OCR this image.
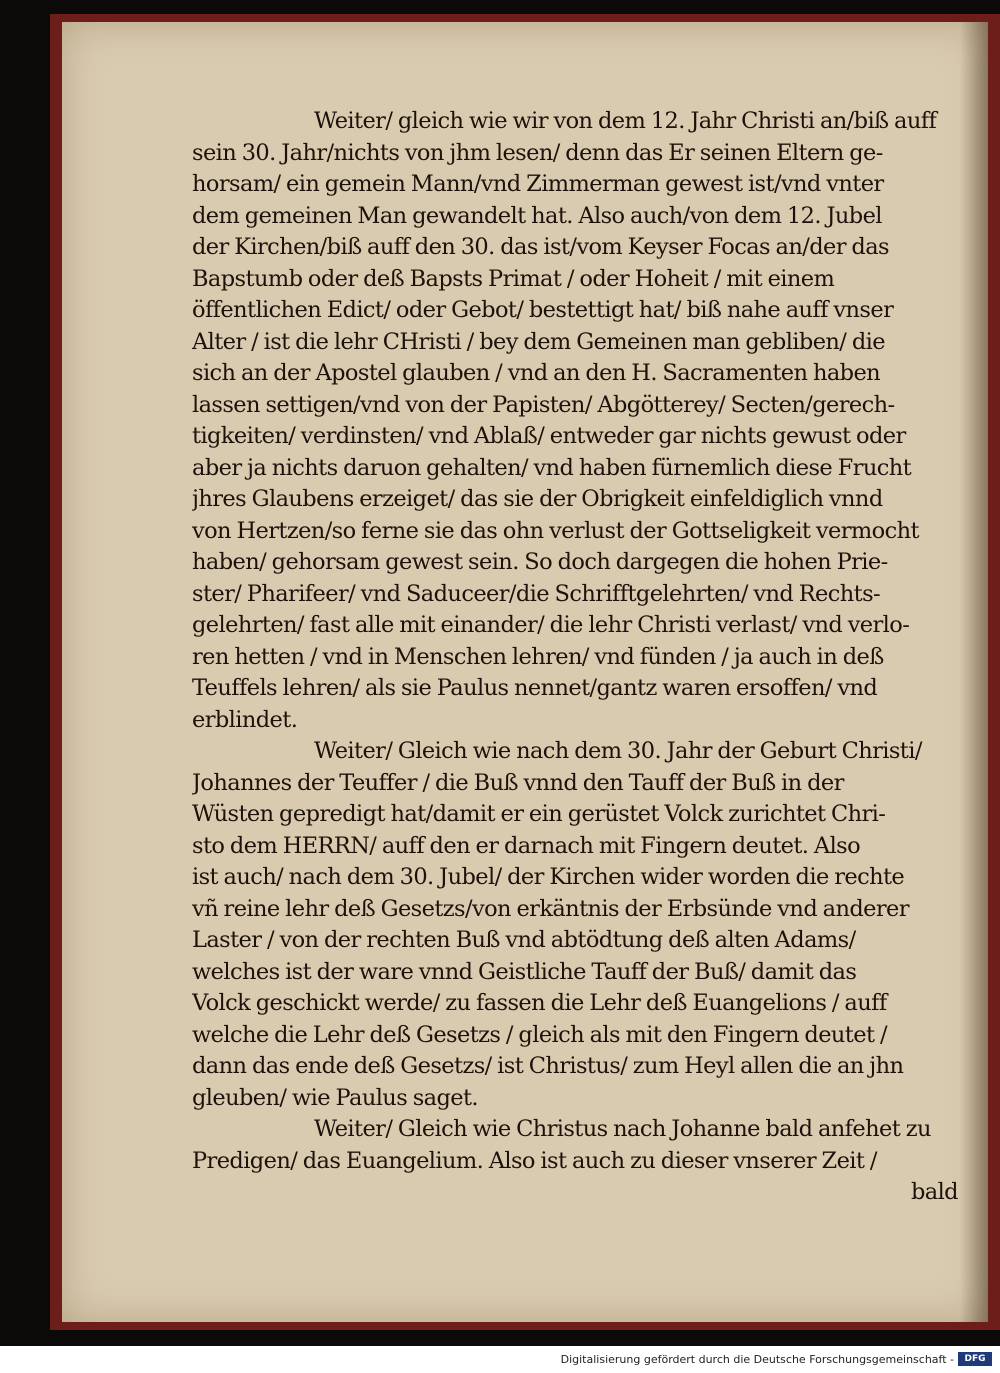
Weiter/ gleich wie wir von dem 12. Jahr Christi an/biß auff
sein 30. Jahr/nichts von jhm lesen/ denn das Er seinen Eltern ge-
horsam/ ein gemein Mann/vnd Zimmerman gewest ist/vnd vnter
dem gemeinen Man gewandelt hat. Also auch/von dem 12. Jubel
der Kirchen/biß auff den 30. das ist/vom Keyser Focas an/der das
Bapstumb oder deß Bapsts Primat / oder Hoheit / mit einem
öffentlichen Edict/ oder Gebot/ bestettigt hat/ biß nahe auff vnser
Alter / ist die lehr CHristi / bey dem Gemeinen man gebliben/ die
sich an der Apostel glauben / vnd an den H. Sacramenten haben
lassen settigen/vnd von der Papisten/ Abgötterey/ Secten/gerech-
tigkeiten/ verdinsten/ vnd Ablaß/ entweder gar nichts gewust oder
aber ja nichts daruon gehalten/ vnd haben fürnemlich diese Frucht
jhres Glaubens erzeiget/ das sie der Obrigkeit einfeldiglich vnnd
von Hertzen/so ferne sie das ohn verlust der Gottseligkeit vermocht
haben/ gehorsam gewest sein. So doch dargegen die hohen Prie-
ster/ Pharifeer/ vnd Saduceer/die Schrifftgelehrten/ vnd Rechts-
gelehrten/ fast alle mit einander/ die lehr Christi verlast/ vnd verlo-
ren hetten / vnd in Menschen lehren/ vnd fünden / ja auch in deß
Teuffels lehren/ als sie Paulus nennet/gantz waren ersoffen/ vnd
erblindet.
Weiter/ Gleich wie nach dem 30. Jahr der Geburt Christi/
Johannes der Teuffer / die Buß vnnd den Tauff der Buß in der
Wüsten gepredigt hat/damit er ein gerüstet Volck zurichtet Chri-
sto dem HERRN/ auff den er darnach mit Fingern deutet. Also
ist auch/ nach dem 30. Jubel/ der Kirchen wider worden die rechte
vñ reine lehr deß Gesetzs/von erkäntnis der Erbsünde vnd anderer
Laster / von der rechten Buß vnd abtödtung deß alten Adams/
welches ist der ware vnnd Geistliche Tauff der Buß/ damit das
Volck geschickt werde/ zu fassen die Lehr deß Euangelions / auff
welche die Lehr deß Gesetzs / gleich als mit den Fingern deutet /
dann das ende deß Gesetzs/ ist Christus/ zum Heyl allen die an jhn
gleuben/ wie Paulus saget.
Weiter/ Gleich wie Christus nach Johanne bald anfehet zu
Predigen/ das Euangelium. Also ist auch zu dieser vnserer Zeit /
bald
Digitalisierung gefördert durch die Deutsche Forschungsgemeinschaft -	DFG
